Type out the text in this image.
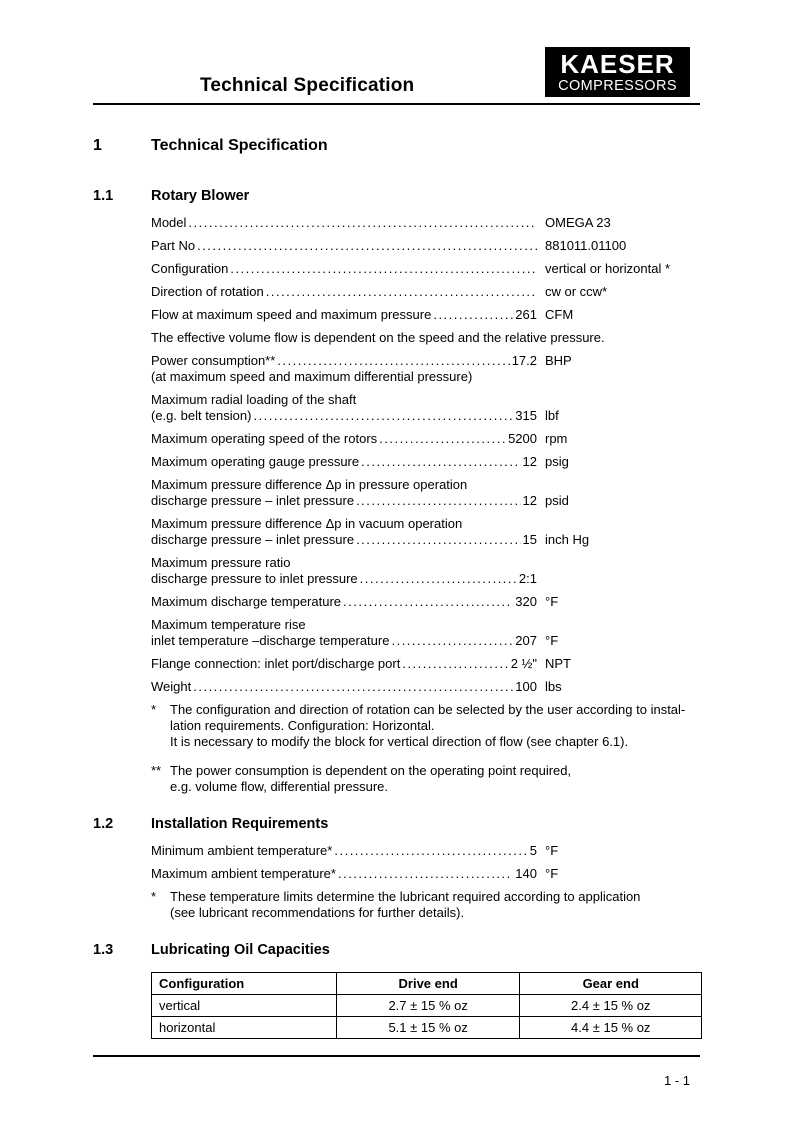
Technical Specification
KAESER
COMPRESSORS
1	Technical Specification
1.1	Rotary Blower
Model .....	OMEGA 23
Part No .....	881011.01100
Configuration .....	vertical or horizontal *
Direction of rotation .....	cw or ccw*
Flow at maximum speed and maximum pressure .....	261 CFM
The effective volume flow is dependent on the speed and the relative pressure.
Power consumption** .....	17.2 BHP
(at maximum speed and maximum differential pressure)
Maximum radial loading of the shaft
(e.g. belt tension) .....	315 lbf
Maximum operating speed of the rotors .....	5200 rpm
Maximum operating gauge pressure .....	12 psig
Maximum pressure difference Δp in pressure operation
discharge pressure – inlet pressure .....	12 psid
Maximum pressure difference Δp in vacuum operation
discharge pressure – inlet pressure .....	15 inch Hg
Maximum pressure ratio
discharge pressure to inlet pressure .....	2:1
Maximum discharge temperature .....	320 °F
Maximum temperature rise
inlet temperature –discharge temperature .....	207 °F
Flange connection: inlet port/discharge port .....	2 ½" NPT
Weight .....	100 lbs
*	The configuration and direction of rotation can be selected by the user according to instal-
lation requirements. Configuration: Horizontal.
It is necessary to modify the block for vertical direction of flow (see chapter 6.1).
** The power consumption is dependent on the operating point required,
e.g. volume flow, differential pressure.
1.2	Installation Requirements
Minimum ambient temperature* .....	5 °F
Maximum ambient temperature* .....	140 °F
*	These temperature limits determine the lubricant required according to application
(see lubricant recommendations for further details).
1.3	Lubricating Oil Capacities
Configuration	Drive end	Gear end
vertical	2.7 ± 15 % oz	2.4 ± 15 % oz
horizontal	5.1 ± 15 % oz	4.4 ± 15 % oz
1 - 1
